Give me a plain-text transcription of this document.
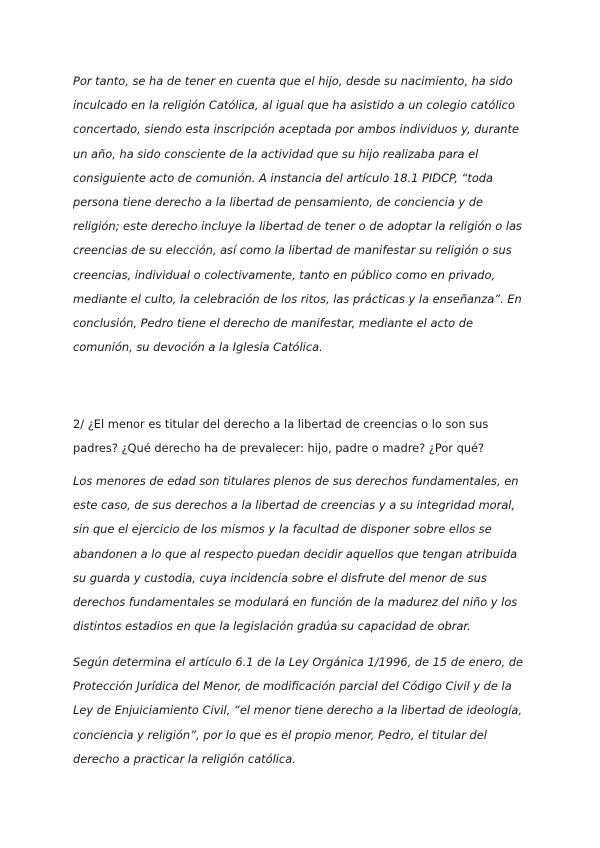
Por tanto, se ha de tener en cuenta que el hijo, desde su nacimiento, ha sido inculcado en la religión Católica, al igual que ha asistido a un colegio católico concertado, siendo esta inscripción aceptada por ambos individuos y, durante un año, ha sido consciente de la actividad que su hijo realizaba para el consiguiente acto de comunión. A instancia del artículo 18.1 PIDCP, “toda persona tiene derecho a la libertad de pensamiento, de conciencia y de religión; este derecho incluye la libertad de tener o de adoptar la religión o las creencias de su elección, así como la libertad de manifestar su religión o sus creencias, individual o colectivamente, tanto en público como en privado, mediante el culto, la celebración de los ritos, las prácticas y la enseñanza”. En conclusión, Pedro tiene el derecho de manifestar, mediante el acto de comunión, su devoción a la Iglesia Católica.

2/ ¿El menor es titular del derecho a la libertad de creencias o lo son sus padres? ¿Qué derecho ha de prevalecer: hijo, padre o madre? ¿Por qué?

Los menores de edad son titulares plenos de sus derechos fundamentales, en este caso, de sus derechos a la libertad de creencias y a su integridad moral, sin que el ejercicio de los mismos y la facultad de disponer sobre ellos se abandonen a lo que al respecto puedan decidir aquellos que tengan atribuida su guarda y custodia, cuya incidencia sobre el disfrute del menor de sus derechos fundamentales se modulará en función de la madurez del niño y los distintos estadios en que la legislación gradúa su capacidad de obrar.

Según determina el artículo 6.1 de la Ley Orgánica 1/1996, de 15 de enero, de Protección Jurídica del Menor, de modificación parcial del Código Civil y de la Ley de Enjuiciamiento Civil, “el menor tiene derecho a la libertad de ideología, conciencia y religión”, por lo que es el propio menor, Pedro, el titular del derecho a practicar la religión católica.
